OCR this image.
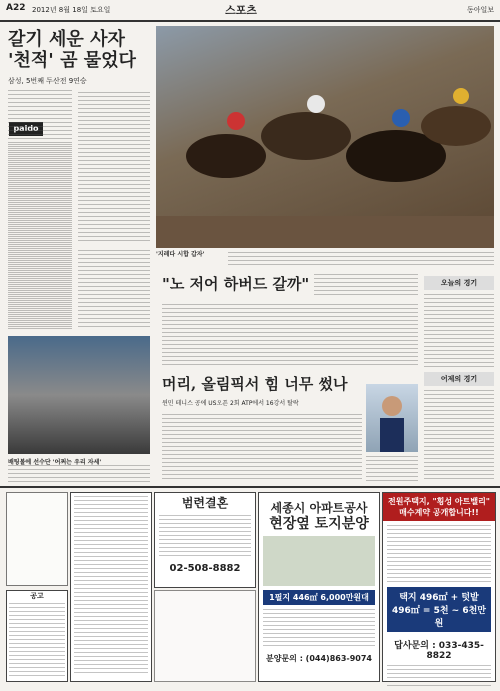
A22 2012년 8월 18일 토요일	스포츠	동아일보
갈기 세운 사자
'천적' 곰 물었다
삼성, 5번째 두산전 9연승
paldo
'지레다 시합 갑자'
배팅볼에 선수단 '어쩌는 우리 자세'
"노 저어 하버드 갈까"
머리, 올림픽서 힘 너무 썼나
윈민 테니스 공에 US오픈 2회 ATP에서 16강서 탈락
오늘의 경기
어제의 경기
공고
범련결혼
02-508-8882
세종시 아파트공사
현장옆 토지분양
1필지 446㎡ 6,000만원대
분양문의 : (044)863-9074
전원주택지, "횡성 아트밸리" 매수계약 공개합니다!!
택지 496㎡ + 텃밭 496㎡ = 5천 ~ 6천만원
답사문의 : 033-435-8822
